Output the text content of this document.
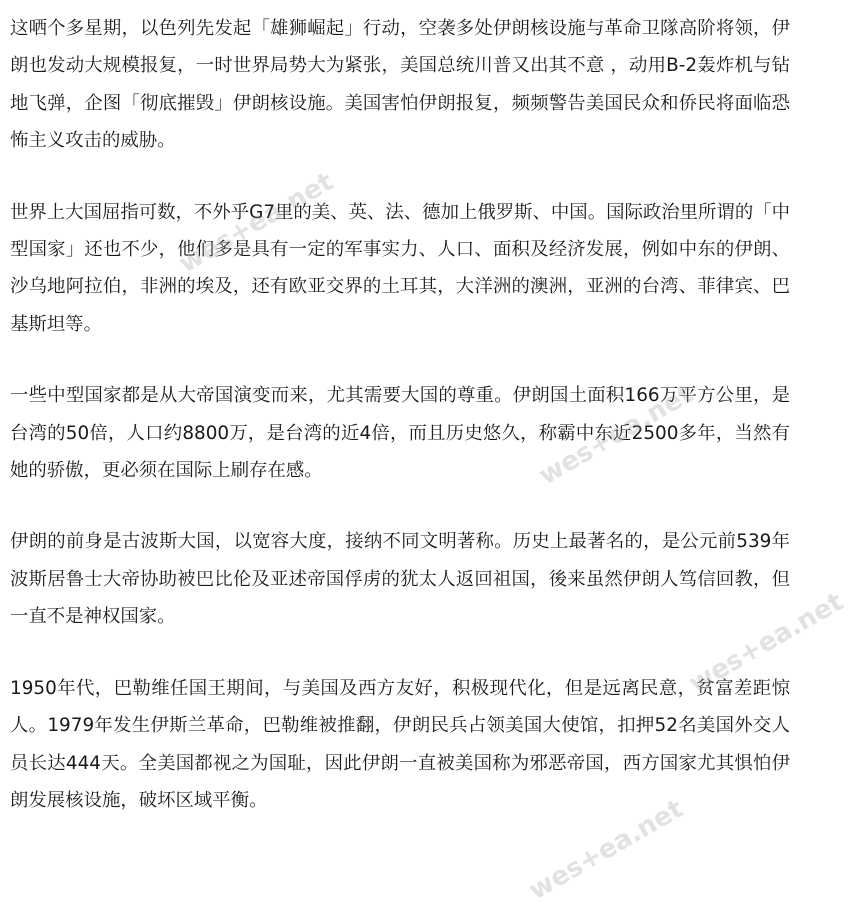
这哂个多星期，以色列先发起「雄狮崛起」行动，空袭多处伊朗核设施与革命卫隊高阶将领，伊朗也发动大规模报复，一时世界局势大为紧张，美国总统川普又出其不意 ，动用B-2轰炸机与钻地飞弹，企图「彻底摧毁」伊朗核设施。美国害怕伊朗报复，频频警告美国民众和侨民将面临恐怖主义攻击的威胁。

世界上大国屈指可数，不外乎G7里的美、英、法、德加上俄罗斯、中国。国际政治里所谓的「中型国家」还也不少，他们多是具有一定的军事实力、人口、面积及经济发展，例如中东的伊朗、沙乌地阿拉伯，非洲的埃及，还有欧亚交界的土耳其，大洋洲的澳洲，亚洲的台湾、菲律宾、巴基斯坦等。

一些中型国家都是从大帝国演变而来，尤其需要大国的尊重。伊朗国土面积166万平方公里，是台湾的50倍，人口约8800万，是台湾的近4倍，而且历史悠久，称霸中东近2500多年，当然有她的骄傲，更必须在国际上刷存在感。

伊朗的前身是古波斯大国，以宽容大度，接纳不同文明著称。历史上最著名的，是公元前539年波斯居鲁士大帝协助被巴比伦及亚述帝国俘虏的犹太人返回祖国，後来虽然伊朗人笃信回教，但一直不是神权国家。

1950年代，巴勒维任国王期间，与美国及西方友好，积极现代化，但是远离民意，贫富差距惊人。1979年发生伊斯兰革命，巴勒维被推翻，伊朗民兵占领美国大使馆，扣押52名美国外交人员长达444天。全美国都视之为国耻，因此伊朗一直被美国称为邪恶帝国，西方国家尤其惧怕伊朗发展核设施，破坏区域平衡。

wes+ea.net
wes+ea.net
wes+ea.net
wes+ea.net
